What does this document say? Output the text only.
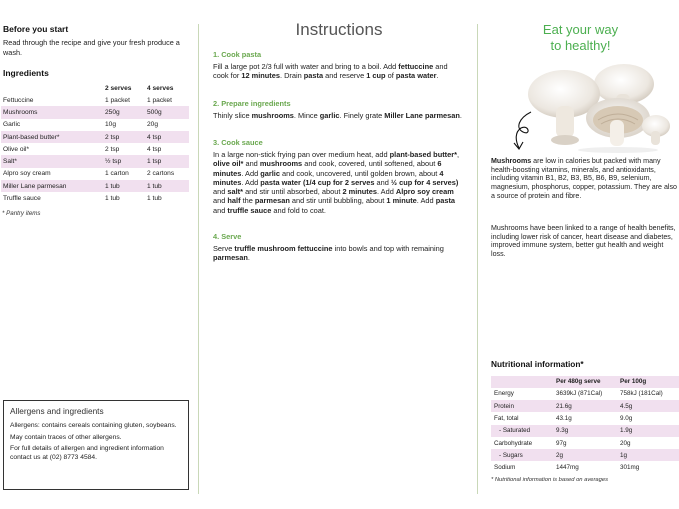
Before you start
Read through the recipe and give your fresh produce a wash.
Ingredients
	2 serves	4 serves
Fettuccine	1 packet	1 packet
Mushrooms	250g	500g
Garlic	10g	20g
Plant-based butter*	2 tsp	4 tsp
Olive oil*	2 tsp	4 tsp
Salt*	½ tsp	1 tsp
Alpro soy cream	1 carton	2 cartons
Miller Lane parmesan	1 tub	1 tub
Truffle sauce	1 tub	1 tub
* Pantry items
Allergens and ingredients

Allergens: contains cereals containing gluten, soybeans.

May contain traces of other allergens.

For full details of allergen and ingredient information contact us at (02) 8773 4584.

Instructions
1. Cook pasta
Fill a large pot 2/3 full with water and bring to a boil. Add fettuccine and cook for 12 minutes. Drain pasta and reserve 1 cup of pasta water.
2. Prepare ingredients
Thinly slice mushrooms. Mince garlic. Finely grate Miller Lane parmesan.
3. Cook sauce
In a large non-stick frying pan over medium heat, add plant-based butter*, olive oil* and mushrooms and cook, covered, until softened, about 6 minutes. Add garlic and cook, uncovered, until golden brown, about 4 minutes. Add pasta water (1/4 cup for 2 serves and ½ cup for 4 serves) and salt* and stir until absorbed, about 2 minutes. Add Alpro soy cream and half the parmesan and stir until bubbling, about 1 minute. Add pasta and truffle sauce and fold to coat.
4. Serve
Serve truffle mushroom fettuccine into bowls and top with remaining parmesan.
Eat your way
to healthy!
Mushrooms are low in calories but packed with many health-boosting vitamins, minerals, and antioxidants, including vitamin B1, B2, B3, B5, B6, B9, selenium, magnesium, phosphorus, copper, potassium. They are also a source of protein and fibre.
Mushrooms have been linked to a range of health benefits, including lower risk of cancer, heart disease and diabetes, improved immune system, better gut health and weight loss.
Nutritional information*
	Per 480g serve	Per 100g
Energy	3639kJ (871Cal)	758kJ (181Cal)
Protein	21.6g	4.5g
Fat, total	43.1g	9.0g
- Saturated	9.3g	1.9g
Carbohydrate	97g	20g
- Sugars	2g	1g
Sodium	1447mg	301mg
* Nutritional information is based on averages
